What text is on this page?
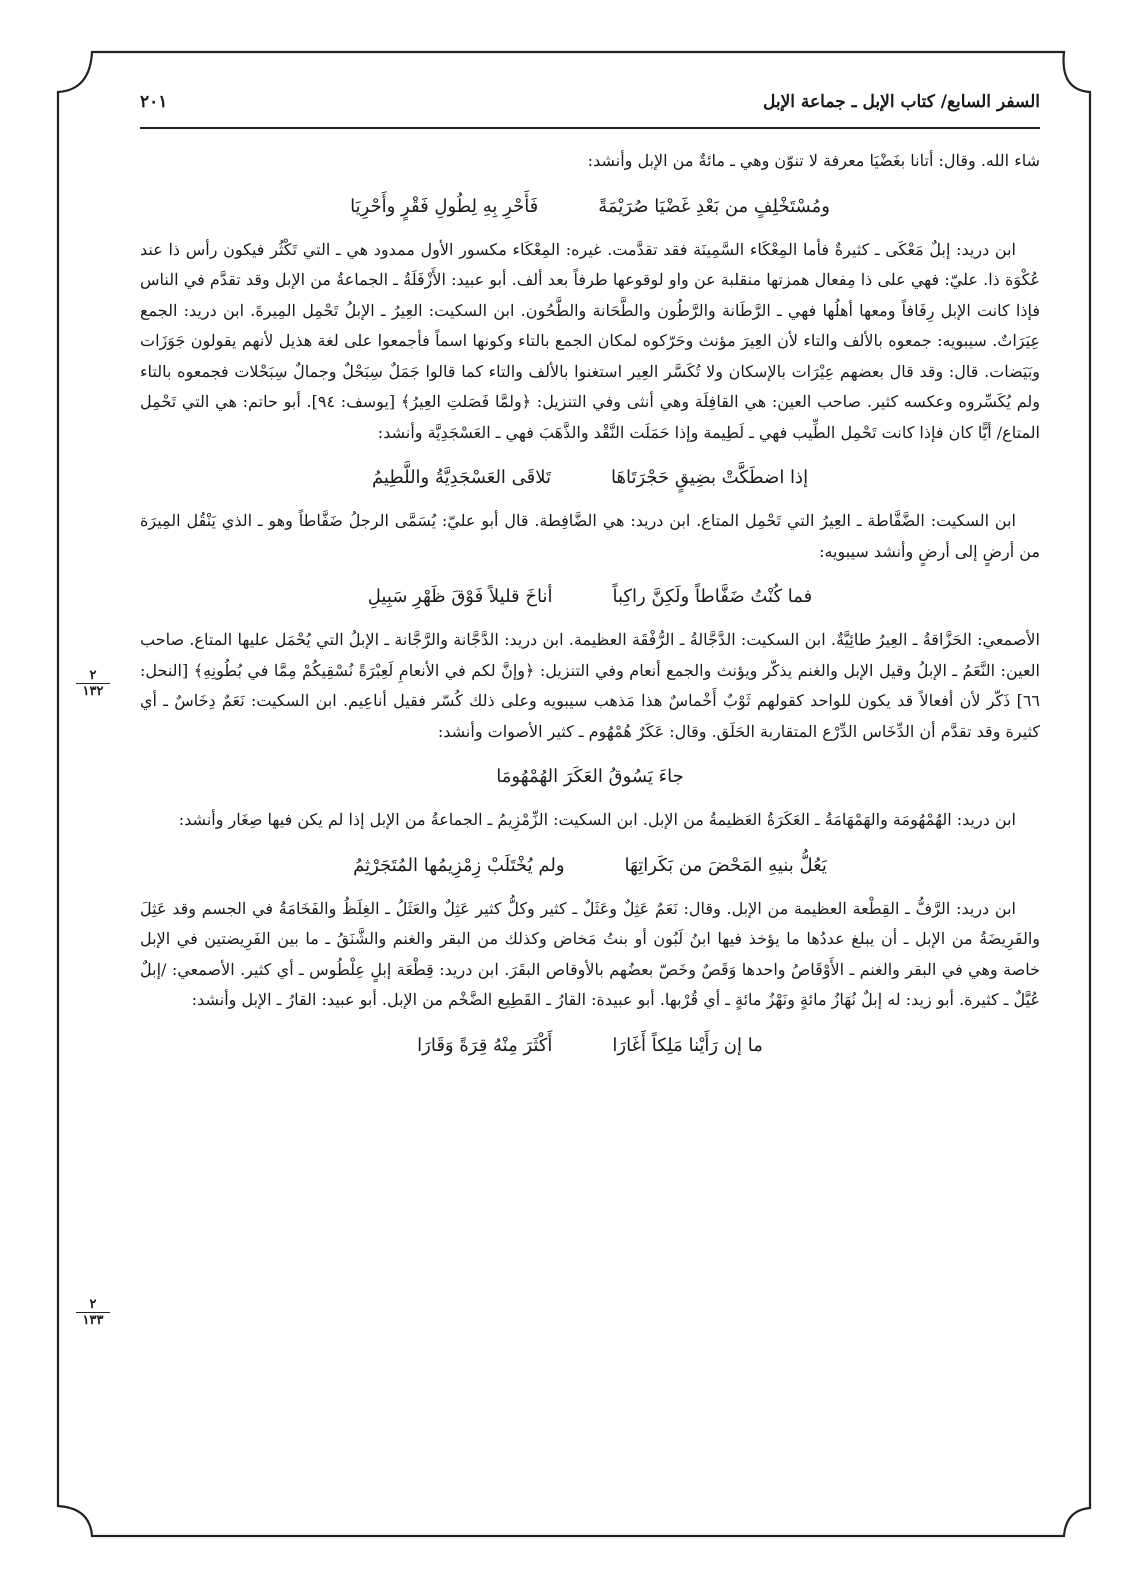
السفر السابع/ كتاب الإبل ـ جماعة الإبل
٢٠١
٢
١٣٢
٢
١٣٣

شاء الله. وقال: أتانا بغَضْيَا معرفة لا تنوّن وهي ـ مائةٌ من الإبل وأنشد:

ومُسْتَخْلِفٍ من بَعْدِ غَضْيَا صُرَيْمَةً
فَأَحْرِ بِهِ لِطُولِ فَقْرٍ وأَحْرِيَا

ابن دريد: إبلٌ مَعْكَى ـ كثيرةٌ فأما المِعْكَاء السَّمِينَة فقد تقدَّمت. غيره: المِعْكَاء مكسور الأول ممدود هي ـ التي تَكْثُر فيكون رأس ذا عند عُكْوَة ذا. عليّ: فهي على ذا مِفعال همزتها منقلبة عن واو لوقوعها طرفاً بعد ألف. أبو عبيد: الأَزْفَلَةُ ـ الجماعةُ من الإبل وقد تقدَّم في الناس فإذا كانت الإبل رِفَافاً ومعها أهلُها فهي ـ الرَّطَانة والرَّطُون والطَّحَانة والطَّحُون. ابن السكيت: العِيرُ ـ الإبلُ تَحْمِل المِيرةَ. ابن دريد: الجمع عِيَرَاتٌ. سيبويه: جمعوه بالألف والتاء لأن العِيرَ مؤنث وحَرّكوه لمكان الجمع بالتاء وكونها اسماً فأجمعوا على لغة هذيل لأنهم يقولون جَوَزَات وبَيَضات. قال: وقد قال بعضهم عِيْرَات بالإسكان ولا تُكَسَّر العِير استغنوا بالألف والتاء كما قالوا جَمَلٌ سِبَحْلٌ وجمالٌ سِبَحْلات فجمعوه بالتاء ولم يُكَسِّروه وعكسه كثير. صاحب العين: هي القافِلَة وهي أنثى وفي التنزيل: ﴿ولمَّا فَصَلتِ العِيرُ﴾ [يوسف: ٩٤]. أبو حاتم: هي التي تَحْمِل المتاع/ أيًّا كان فإذا كانت تَحْمِل الطِّيب فهي ـ لَطِيمة وإذا حَمَلَت النَّقْد والذَّهَبَ فهي ـ العَسْجَدِيَّة وأنشد:

إذا اضطَكَّتْ بضِيقٍ حَجْرَتَاهَا
تَلاقَى العَسْجَدِيَّةُ واللَّطِيمُ

ابن السكيت: الضَّفَّاطة ـ العِيرُ التي تَحْمِل المتاع. ابن دريد: هي الضَّافِطة. قال أبو عليّ: يُسَمَّى الرجلُ ضَفَّاطاً وهو ـ الذي يَنْقُل المِيرَة من أرضٍ إلى أرضٍ وأنشد سيبويه:

فما كُنْتُ ضَفَّاطاً ولَكِنَّ راكِباً
أناخَ قليلاً فَوْقَ ظَهْرِ سَبِيلِ

الأصمعي: الحَزَّاقةُ ـ العِيرُ طائِيَّةٌ. ابن السكيت: الدَّجَّالةُ ـ الرُّفْقَة العظيمة. ابن دريد: الدَّجَّانة والرَّجَّانة ـ الإبلُ التي يُحْمَل عليها المتاع. صاحب العين: النَّعَمُ ـ الإبلُ وقيل الإبل والغنم يذكّر ويؤنث والجمع أنعام وفي التنزيل: ﴿وإنَّ لكم في الأنعامِ لَعِبْرَةً نُسْقِيكُمْ مِمَّا في بُطُونِهِ﴾ [النحل: ٦٦] ذَكّر لأن أفعالاً قد يكون للواحد كقولهم ثَوْبٌ أَخْماسٌ هذا مَذهب سيبويه وعلى ذلك كُسّر فقيل أناعِيم. ابن السكيت: نَعَمٌ دِخَاسٌ ـ أي كثيرة وقد تقدَّم أن الدِّخَاس الدِّرْع المتقاربة الحَلَق. وقال: عَكَرٌ هُمْهُوم ـ كثير الأصوات وأنشد:

جاءَ يَسُوقُ العَكَرَ الهُمْهُومَا

ابن دريد: الهُمْهُومَة والهَمْهَامَةُ ـ العَكَرَةُ العَظيمةُ من الإبل. ابن السكيت: الزِّمْزِيمُ ـ الجماعةُ من الإبل إذا لم يكن فيها صِغَار وأنشد:

يَعُلُّ بنيهِ المَحْضَ من بَكَراتِهَا
ولم يُخْتَلَبْ زِمْزِيمُها المُتَجَرْثِمُ

ابن دريد: الرَّفُّ ـ القِطْعة العظيمة من الإبل. وقال: نَعَمٌ عَثِلٌ وعَثَلٌ ـ كثير وكلُّ كثير عَثِلٌ والعَثَلُ ـ الغِلَظُ والفَخَامَةُ في الجسم وقد عَثِلَ والفَرِيضَةُ من الإبل ـ أن يبلغ عددُها ما يؤخذ فيها ابنُ لَبُون أو بنتُ مَخاض وكذلك من البقر والغنم والشَّنَقُ ـ ما بين الفَرِيضتين في الإبل خاصة وهي في البقر والغنم ـ الأَوْقَاصُ واحدها وَقَصٌ وخَصّ بعضُهم بالأوقاص البقَرَ. ابن دريد: قِطْعَة إبلٍ عِلْطُوس ـ أي كثير. الأصمعي: /إبلٌ عُيَّلٌ ـ كثيرة. أبو زيد: له إبلٌ نُهَازُ مائةٍ ونَهْزُ مائةٍ ـ أي قُرْبها. أبو عبيدة: القارُ ـ القَطِيع الضَّخْم من الإبل. أبو عبيد: القارُ ـ الإبل وأنشد:

ما إن رَأَيْنا مَلِكاً أَغَارَا
أَكْثَرَ مِنْهُ قِرَةً وَقَارَا
